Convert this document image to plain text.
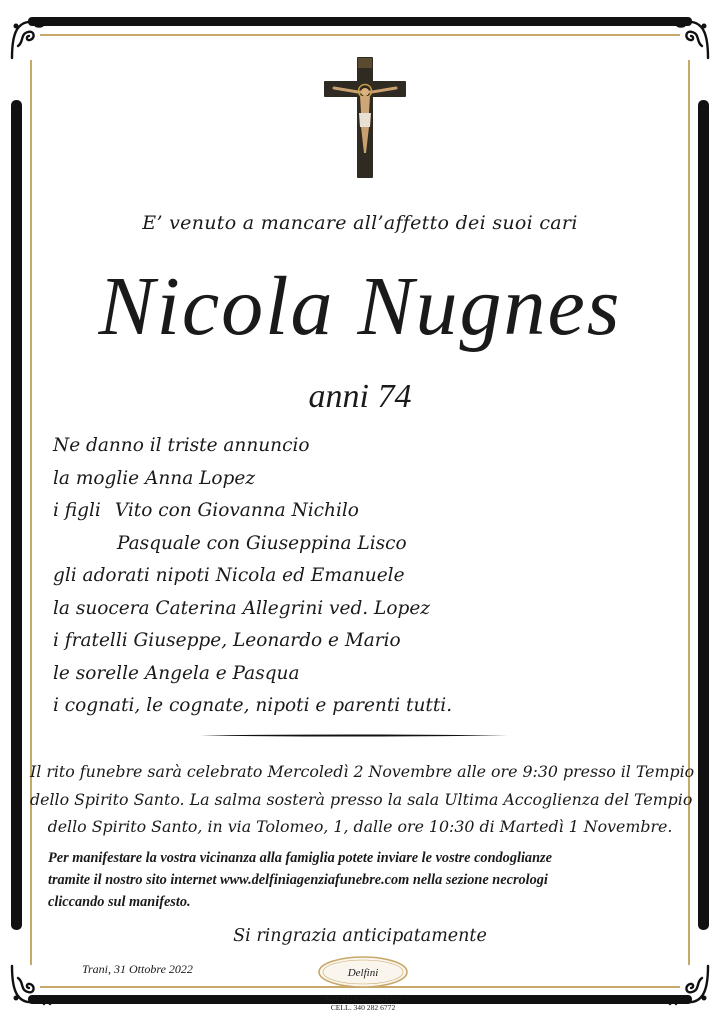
E’ venuto a mancare all’affetto dei suoi cari
Nicola Nugnes
anni 74
Ne danno il triste annuncio
la moglie Anna Lopez
i figli Vito con Giovanna Nichilo
Pasquale con Giuseppina Lisco
gli adorati nipoti Nicola ed Emanuele
la suocera Caterina Allegrini ved. Lopez
i fratelli Giuseppe, Leonardo e Mario
le sorelle Angela e Pasqua
i cognati, le cognate, nipoti e parenti tutti.
Il rito funebre sarà celebrato Mercoledì 2 Novembre alle ore 9:30 presso il Tempio
dello Spirito Santo. La salma sosterà presso la sala Ultima Accoglienza del Tempio
dello Spirito Santo, in via Tolomeo, 1, dalle ore 10:30 di Martedì 1 Novembre.
Per manifestare la vostra vicinanza alla famiglia potete inviare le vostre condoglianze
tramite il nostro sito internet www.delfiniagenziafunebre.com nella sezione necrologi
cliccando sul manifesto.
Si ringrazia anticipatamente
Trani, 31 Ottobre 2022	Delfini
AGENZIA 0883 481 608
CELL. 340 282 6772
